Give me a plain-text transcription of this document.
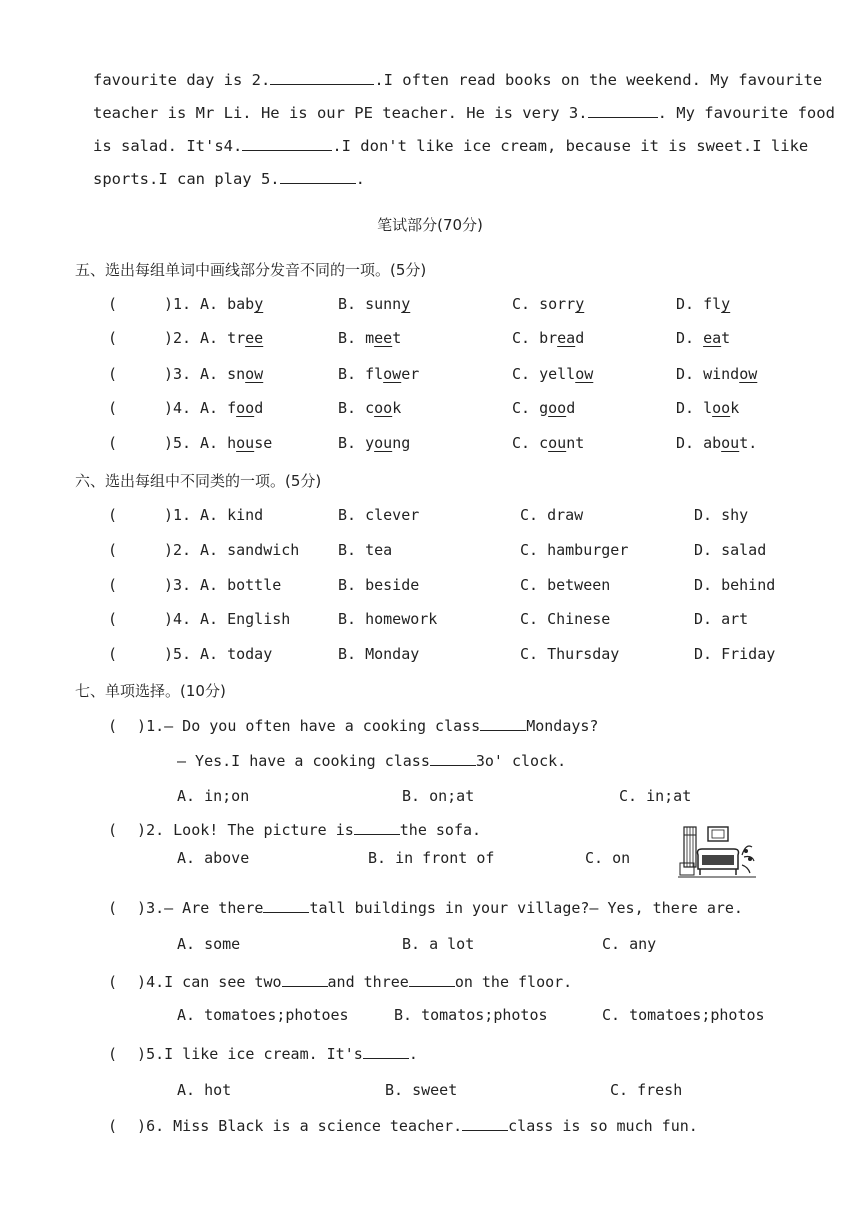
favourite day is 2.	.I often read books on the weekend. My favourite
teacher is Mr Li. He is our PE teacher. He is very 3.	. My favourite food
is salad. It's4.	.I don't like ice cream, because it is sweet.I like
sports.I can play 5.	.
笔试部分(70分)
五、选出每组单词中画线部分发音不同的一项。(5分)
(	)1. A. baby	B. sunny	C. sorry	D. fly
(	)2. A. tree	B. meet	C. bread	D. eat
(	)3. A. snow	B. flower	C. yellow	D. window
(	)4. A. food	B. cook	C. good	D. look
(	)5. A. house	B. young	C. count	D. about.
六、选出每组中不同类的一项。(5分)
(	)1. A. kind	B. clever	C. draw	D. shy
(	)2. A. sandwich	B. tea	C. hamburger	D. salad
(	)3. A. bottle	B. beside	C. between	D. behind
(	)4. A. English	B. homework	C. Chinese	D. art
(	)5. A. today	B. Monday	C. Thursday	D. Friday
七、单项选择。(10分)
( )1.— Do you often have a cooking class	Mondays?
— Yes.I have a cooking class	3o' clock.
A. in;on	B. on;at	C. in;at
( )2. Look! The picture is	the sofa.
A. above	B. in front of	C. on
( )3.— Are there	tall buildings in your village?— Yes, there are.
A. some	B. a lot	C. any
( )4.I can see two	and three	on the floor.
A. tomatoes;photoes	B. tomatos;photos	C. tomatoes;photos
( )5.I like ice cream. It's	.
A. hot	B. sweet	C. fresh
( )6. Miss Black is a science teacher.	class is so much fun.
